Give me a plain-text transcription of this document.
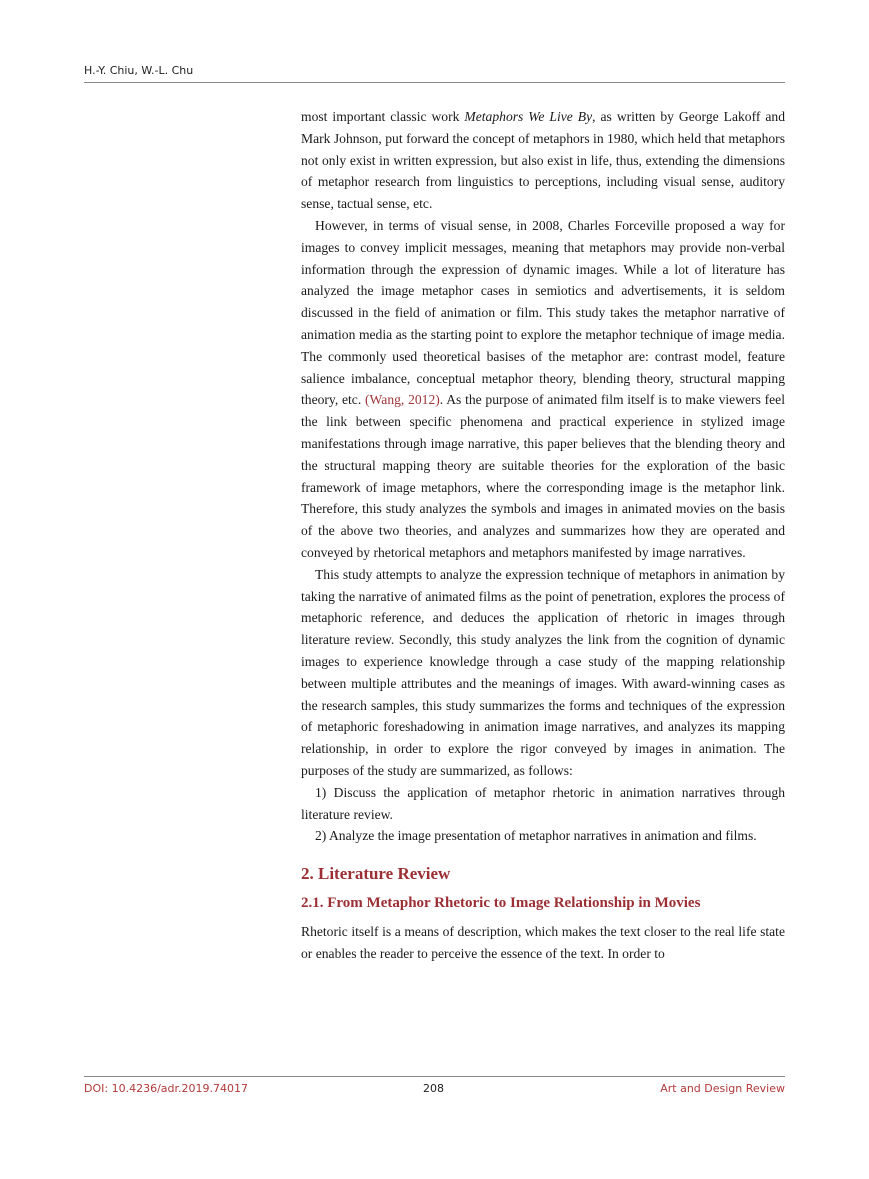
H.-Y. Chiu, W.-L. Chu

most important classic work Metaphors We Live By, as written by George Lakoff and Mark Johnson, put forward the concept of metaphors in 1980, which held that metaphors not only exist in written expression, but also exist in life, thus, extending the dimensions of metaphor research from linguistics to perceptions, including visual sense, auditory sense, tactual sense, etc.

However, in terms of visual sense, in 2008, Charles Forceville proposed a way for images to convey implicit messages, meaning that metaphors may provide non-verbal information through the expression of dynamic images. While a lot of literature has analyzed the image metaphor cases in semiotics and advertisements, it is seldom discussed in the field of animation or film. This study takes the metaphor narrative of animation media as the starting point to explore the metaphor technique of image media. The commonly used theoretical basises of the metaphor are: contrast model, feature salience imbalance, conceptual metaphor theory, blending theory, structural mapping theory, etc. (Wang, 2012). As the purpose of animated film itself is to make viewers feel the link between specific phenomena and practical experience in stylized image manifestations through image narrative, this paper believes that the blending theory and the structural mapping theory are suitable theories for the exploration of the basic framework of image metaphors, where the corresponding image is the metaphor link. Therefore, this study analyzes the symbols and images in animated movies on the basis of the above two theories, and analyzes and summarizes how they are operated and conveyed by rhetorical metaphors and metaphors manifested by image narratives.

This study attempts to analyze the expression technique of metaphors in animation by taking the narrative of animated films as the point of penetration, explores the process of metaphoric reference, and deduces the application of rhetoric in images through literature review. Secondly, this study analyzes the link from the cognition of dynamic images to experience knowledge through a case study of the mapping relationship between multiple attributes and the meanings of images. With award-winning cases as the research samples, this study summarizes the forms and techniques of the expression of metaphoric foreshadowing in animation image narratives, and analyzes its mapping relationship, in order to explore the rigor conveyed by images in animation. The purposes of the study are summarized, as follows:

1) Discuss the application of metaphor rhetoric in animation narratives through literature review.

2) Analyze the image presentation of metaphor narratives in animation and films.

2. Literature Review
2.1. From Metaphor Rhetoric to Image Relationship in Movies

Rhetoric itself is a means of description, which makes the text closer to the real life state or enables the reader to perceive the essence of the text. In order to

DOI: 10.4236/adr.2019.74017	208	Art and Design Review
